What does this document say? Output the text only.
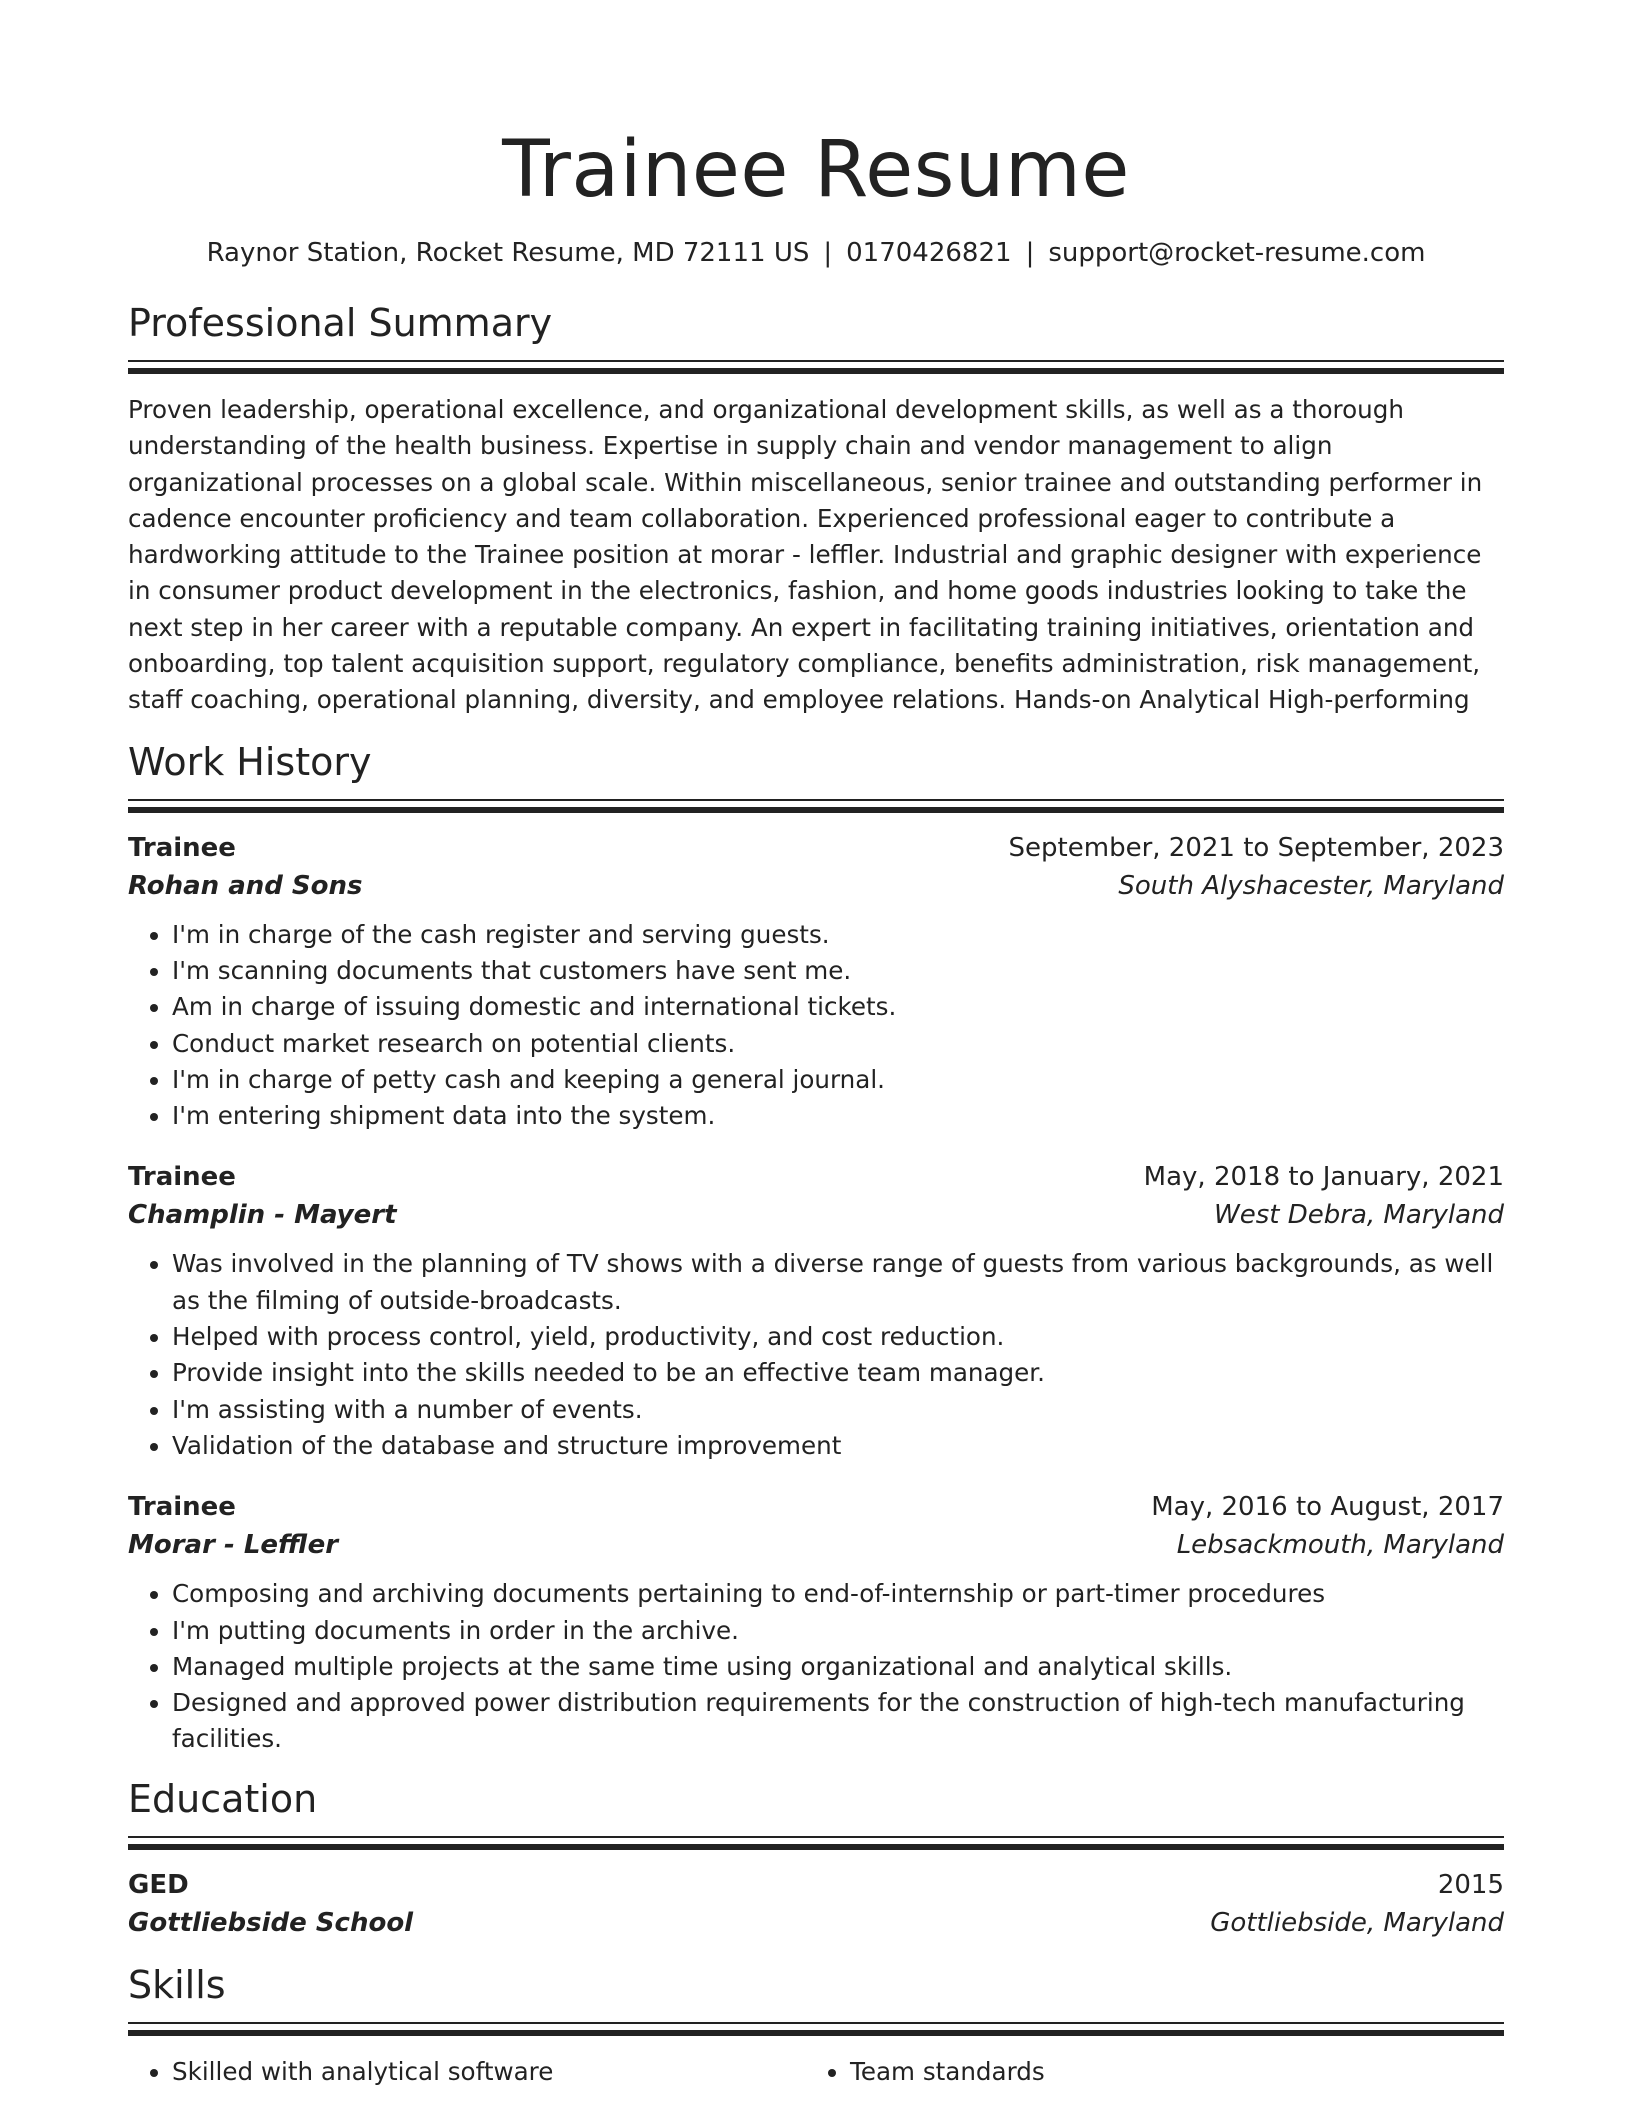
Trainee Resume
Raynor Station, Rocket Resume, MD 72111 US | 0170426821 | support@rocket-resume.com
Professional Summary

Proven leadership, operational excellence, and organizational development skills, as well as a thorough understanding of the health business. Expertise in supply chain and vendor management to align organizational processes on a global scale. Within miscellaneous, senior trainee and outstanding performer in cadence encounter proficiency and team collaboration. Experienced professional eager to contribute a hardworking attitude to the Trainee position at morar - leffler. Industrial and graphic designer with experience in consumer product development in the electronics, fashion, and home goods industries looking to take the next step in her career with a reputable company. An expert in facilitating training initiatives, orientation and onboarding, top talent acquisition support, regulatory compliance, benefits administration, risk management, staff coaching, operational planning, diversity, and employee relations. Hands-on Analytical High-performing

Work History
Trainee	September, 2021 to September, 2023
Rohan and Sons	South Alyshacester, Maryland
• I'm in charge of the cash register and serving guests.
• I'm scanning documents that customers have sent me.
• Am in charge of issuing domestic and international tickets.
• Conduct market research on potential clients.
• I'm in charge of petty cash and keeping a general journal.
• I'm entering shipment data into the system.
Trainee	May, 2018 to January, 2021
Champlin - Mayert	West Debra, Maryland
• Was involved in the planning of TV shows with a diverse range of guests from various backgrounds, as well as the filming of outside-broadcasts.
• Helped with process control, yield, productivity, and cost reduction.
• Provide insight into the skills needed to be an effective team manager.
• I'm assisting with a number of events.
• Validation of the database and structure improvement
Trainee	May, 2016 to August, 2017
Morar - Leffler	Lebsackmouth, Maryland
• Composing and archiving documents pertaining to end-of-internship or part-timer procedures
• I'm putting documents in order in the archive.
• Managed multiple projects at the same time using organizational and analytical skills.
• Designed and approved power distribution requirements for the construction of high-tech manufacturing facilities.
Education
GED	2015
Gottliebside School	Gottliebside, Maryland
Skills
• Skilled with analytical software
•	Team standards
